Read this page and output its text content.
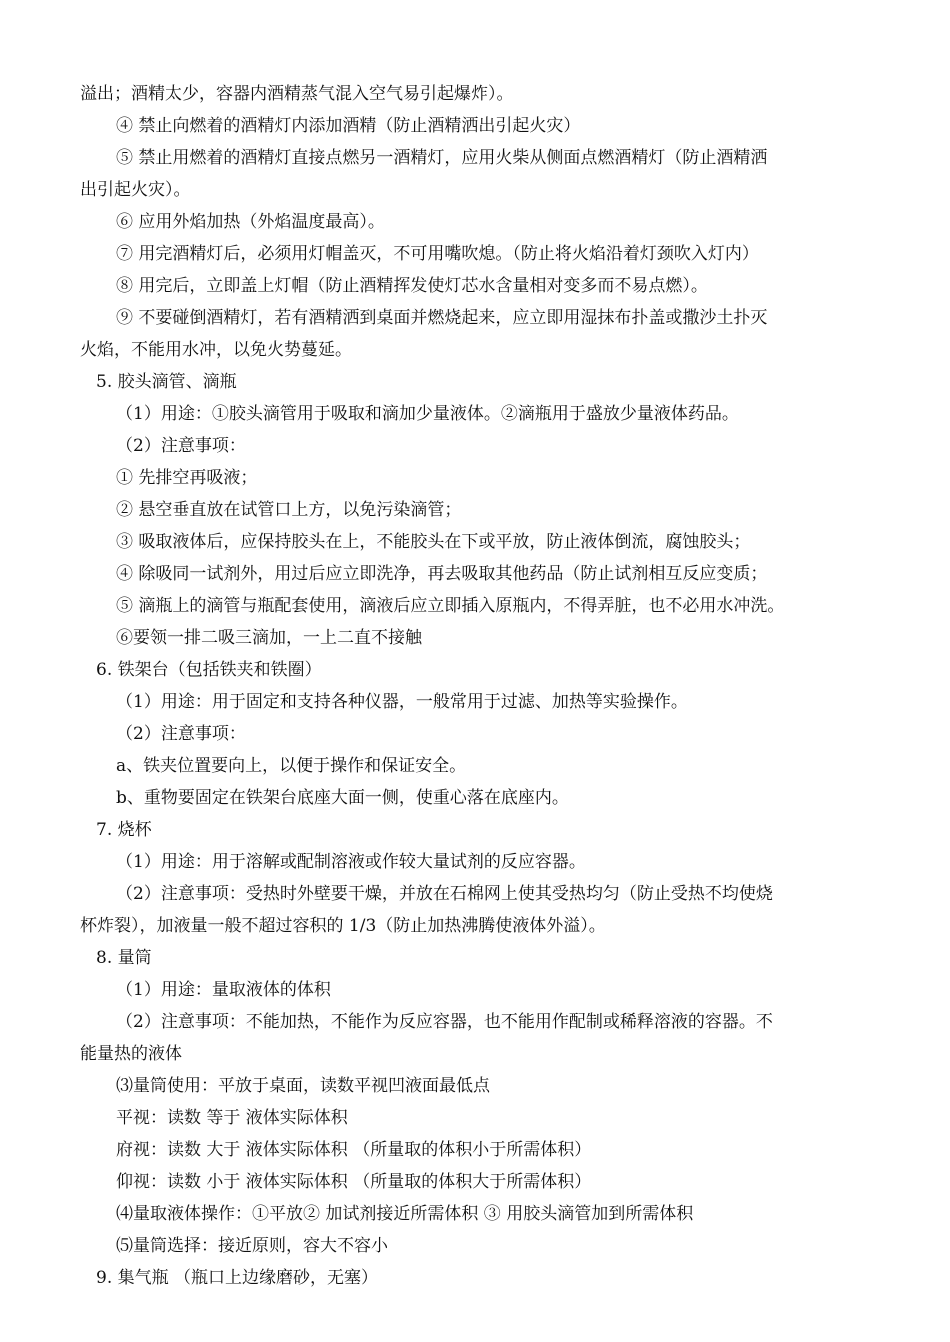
溢出；酒精太少，容器内酒精蒸气混入空气易引起爆炸）。
④ 禁止向燃着的酒精灯内添加酒精（防止酒精洒出引起火灾）
⑤ 禁止用燃着的酒精灯直接点燃另一酒精灯，应用火柴从侧面点燃酒精灯（防止酒精洒
出引起火灾）。
⑥ 应用外焰加热（外焰温度最高）。
⑦ 用完酒精灯后，必须用灯帽盖灭，不可用嘴吹熄。（防止将火焰沿着灯颈吹入灯内）
⑧ 用完后，立即盖上灯帽（防止酒精挥发使灯芯水含量相对变多而不易点燃）。
⑨ 不要碰倒酒精灯，若有酒精洒到桌面并燃烧起来，应立即用湿抹布扑盖或撒沙土扑灭
火焰，不能用水冲，以免火势蔓延。
5. 胶头滴管、滴瓶
（1）用途：①胶头滴管用于吸取和滴加少量液体。②滴瓶用于盛放少量液体药品。
（2）注意事项：
① 先排空再吸液；
② 悬空垂直放在试管口上方，以免污染滴管；
③ 吸取液体后，应保持胶头在上，不能胶头在下或平放，防止液体倒流，腐蚀胶头；
④ 除吸同一试剂外，用过后应立即洗净，再去吸取其他药品（防止试剂相互反应变质；
⑤ 滴瓶上的滴管与瓶配套使用，滴液后应立即插入原瓶内，不得弄脏，也不必用水冲洗。
⑥要领一排二吸三滴加，一上二直不接触
6. 铁架台（包括铁夹和铁圈）
（1）用途：用于固定和支持各种仪器，一般常用于过滤、加热等实验操作。
（2）注意事项：
a、铁夹位置要向上，以便于操作和保证安全。
b、重物要固定在铁架台底座大面一侧，使重心落在底座内。
7. 烧杯
（1）用途：用于溶解或配制溶液或作较大量试剂的反应容器。
（2）注意事项：受热时外壁要干燥，并放在石棉网上使其受热均匀（防止受热不均使烧
杯炸裂），加液量一般不超过容积的 1/3（防止加热沸腾使液体外溢）。
8. 量筒
（1）用途：量取液体的体积
（2）注意事项：不能加热，不能作为反应容器，也不能用作配制或稀释溶液的容器。不
能量热的液体
⑶量筒使用：平放于桌面，读数平视凹液面最低点
平视：读数 等于 液体实际体积
府视：读数 大于 液体实际体积 （所量取的体积小于所需体积）
仰视：读数 小于 液体实际体积 （所量取的体积大于所需体积）
⑷量取液体操作：①平放② 加试剂接近所需体积 ③ 用胶头滴管加到所需体积
⑸量筒选择：接近原则，容大不容小
9. 集气瓶 （瓶口上边缘磨砂，无塞）
